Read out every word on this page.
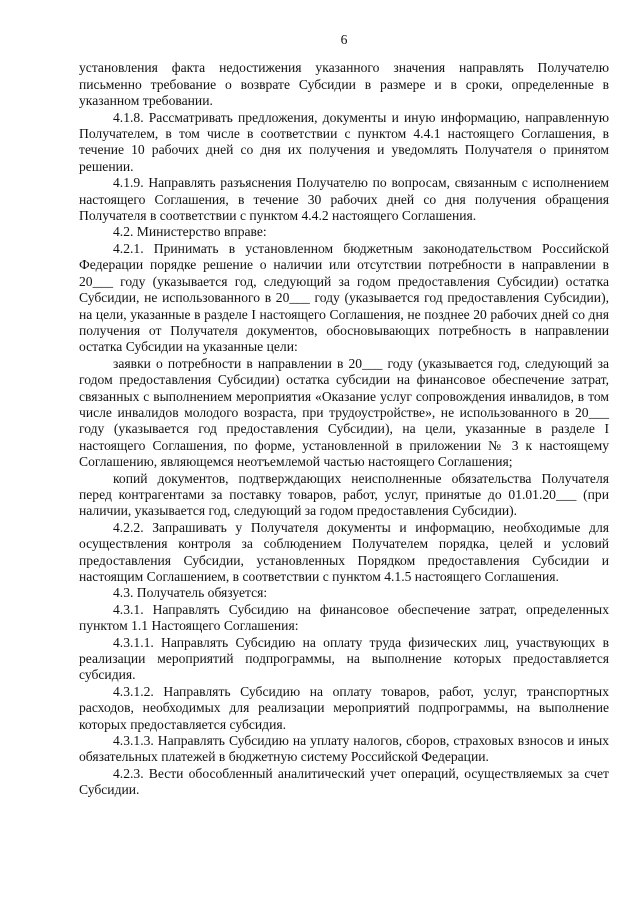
6

установления факта недостижения указанного значения направлять Получателю письменно требование о возврате Субсидии в размере и в сроки, определенные в указанном требовании.

4.1.8. Рассматривать предложения, документы и иную информацию, направленную Получателем, в том числе в соответствии с пунктом 4.4.1 настоящего Соглашения, в течение 10 рабочих дней со дня их получения и уведомлять Получателя о принятом решении.

4.1.9. Направлять разъяснения Получателю по вопросам, связанным с исполнением настоящего Соглашения, в течение 30 рабочих дней со дня получения обращения Получателя в соответствии с пунктом 4.4.2 настоящего Соглашения.

4.2. Министерство вправе:

4.2.1. Принимать в установленном бюджетным законодательством Российской Федерации порядке решение о наличии или отсутствии потребности в направлении в 20___ году (указывается год, следующий за годом предоставления Субсидии) остатка Субсидии, не использованного в 20___ году (указывается год предоставления Субсидии), на цели, указанные в разделе I настоящего Соглашения, не позднее 20 рабочих дней со дня получения от Получателя документов, обосновывающих потребность в направлении остатка Субсидии на указанные цели:

заявки о потребности в направлении в 20___ году (указывается год, следующий за годом предоставления Субсидии) остатка субсидии на финансовое обеспечение затрат, связанных с выполнением мероприятия «Оказание услуг сопровождения инвалидов, в том числе инвалидов молодого возраста, при трудоустройстве», не использованного в 20___ году (указывается год предоставления Субсидии), на цели, указанные в разделе I настоящего Соглашения, по форме, установленной в приложении № 3 к настоящему Соглашению, являющемся неотъемлемой частью настоящего Соглашения;

копий документов, подтверждающих неисполненные обязательства Получателя перед контрагентами за поставку товаров, работ, услуг, принятые до 01.01.20___ (при наличии, указывается год, следующий за годом предоставления Субсидии).

4.2.2. Запрашивать у Получателя документы и информацию, необходимые для осуществления контроля за соблюдением Получателем порядка, целей и условий предоставления Субсидии, установленных Порядком предоставления Субсидии и настоящим Соглашением, в соответствии с пунктом 4.1.5 настоящего Соглашения.

4.3. Получатель обязуется:

4.3.1. Направлять Субсидию на финансовое обеспечение затрат, определенных пунктом 1.1 Настоящего Соглашения:

4.3.1.1. Направлять Субсидию на оплату труда физических лиц, участвующих в реализации мероприятий подпрограммы, на выполнение которых предоставляется субсидия.

4.3.1.2. Направлять Субсидию на оплату товаров, работ, услуг, транспортных расходов, необходимых для реализации мероприятий подпрограммы, на выполнение которых предоставляется субсидия.

4.3.1.3. Направлять Субсидию на уплату налогов, сборов, страховых взносов и иных обязательных платежей в бюджетную систему Российской Федерации.

4.2.3. Вести обособленный аналитический учет операций, осуществляемых за счет Субсидии.
